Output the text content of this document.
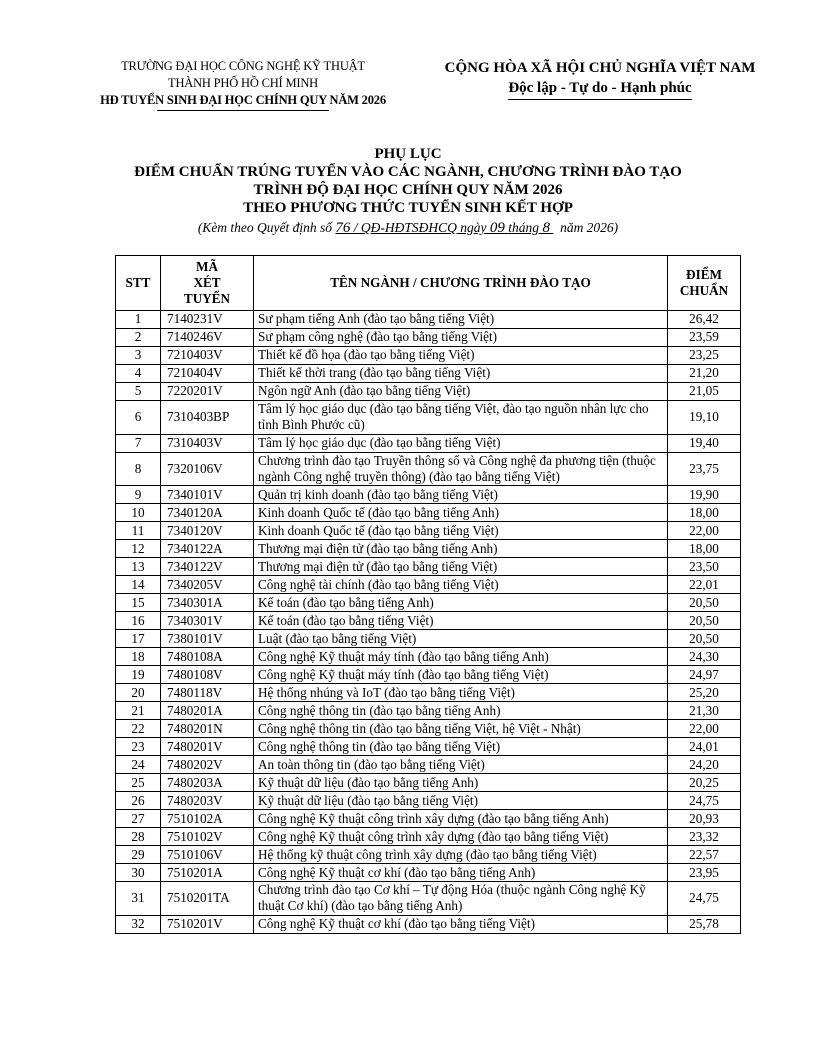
TRƯỜNG ĐẠI HỌC CÔNG NGHỆ KỸ THUẬT
THÀNH PHỐ HỒ CHÍ MINH
HĐ TUYỂN SINH ĐẠI HỌC CHÍNH QUY NĂM 2026
CỘNG HÒA XÃ HỘI CHỦ NGHĨA VIỆT NAM
Độc lập - Tự do - Hạnh phúc
PHỤ LỤC
ĐIỂM CHUẨN TRÚNG TUYỂN VÀO CÁC NGÀNH, CHƯƠNG TRÌNH ĐÀO TẠO
TRÌNH ĐỘ ĐẠI HỌC CHÍNH QUY NĂM 2026
THEO PHƯƠNG THỨC TUYỂN SINH KẾT HỢP
(Kèm theo Quyết định số 76 / QĐ-HĐTSĐHCQ ngày 09 tháng 8 năm 2026)
STT	MÃ XÉT TUYỂN	TÊN NGÀNH / CHƯƠNG TRÌNH ĐÀO TẠO	ĐIỂM CHUẨN
1	7140231V	Sư phạm tiếng Anh (đào tạo bằng tiếng Việt)	26,42
2	7140246V	Sư phạm công nghệ (đào tạo bằng tiếng Việt)	23,59
3	7210403V	Thiết kế đồ họa (đào tạo bằng tiếng Việt)	23,25
4	7210404V	Thiết kế thời trang (đào tạo bằng tiếng Việt)	21,20
5	7220201V	Ngôn ngữ Anh (đào tạo bằng tiếng Việt)	21,05
6	7310403BP	Tâm lý học giáo dục (đào tạo bằng tiếng Việt, đào tạo nguồn nhân lực cho tỉnh Bình Phước cũ)	19,10
7	7310403V	Tâm lý học giáo dục (đào tạo bằng tiếng Việt)	19,40
8	7320106V	Chương trình đào tạo Truyền thông số và Công nghệ đa phương tiện (thuộc ngành Công nghệ truyền thông) (đào tạo bằng tiếng Việt)	23,75
9	7340101V	Quản trị kinh doanh (đào tạo bằng tiếng Việt)	19,90
10	7340120A	Kinh doanh Quốc tế (đào tạo bằng tiếng Anh)	18,00
11	7340120V	Kinh doanh Quốc tế (đào tạo bằng tiếng Việt)	22,00
12	7340122A	Thương mại điện tử (đào tạo bằng tiếng Anh)	18,00
13	7340122V	Thương mại điện tử (đào tạo bằng tiếng Việt)	23,50
14	7340205V	Công nghệ tài chính (đào tạo bằng tiếng Việt)	22,01
15	7340301A	Kế toán (đào tạo bằng tiếng Anh)	20,50
16	7340301V	Kế toán (đào tạo bằng tiếng Việt)	20,50
17	7380101V	Luật (đào tạo bằng tiếng Việt)	20,50
18	7480108A	Công nghệ Kỹ thuật máy tính (đào tạo bằng tiếng Anh)	24,30
19	7480108V	Công nghệ Kỹ thuật máy tính (đào tạo bằng tiếng Việt)	24,97
20	7480118V	Hệ thống nhúng và IoT (đào tạo bằng tiếng Việt)	25,20
21	7480201A	Công nghệ thông tin (đào tạo bằng tiếng Anh)	21,30
22	7480201N	Công nghệ thông tin (đào tạo bằng tiếng Việt, hệ Việt - Nhật)	22,00
23	7480201V	Công nghệ thông tin (đào tạo bằng tiếng Việt)	24,01
24	7480202V	An toàn thông tin (đào tạo bằng tiếng Việt)	24,20
25	7480203A	Kỹ thuật dữ liệu (đào tạo bằng tiếng Anh)	20,25
26	7480203V	Kỹ thuật dữ liệu (đào tạo bằng tiếng Việt)	24,75
27	7510102A	Công nghệ Kỹ thuật công trình xây dựng (đào tạo bằng tiếng Anh)	20,93
28	7510102V	Công nghệ Kỹ thuật công trình xây dựng (đào tạo bằng tiếng Việt)	23,32
29	7510106V	Hệ thống kỹ thuật công trình xây dựng (đào tạo bằng tiếng Việt)	22,57
30	7510201A	Công nghệ Kỹ thuật cơ khí (đào tạo bằng tiếng Anh)	23,95
31	7510201TA	Chương trình đào tạo Cơ khí – Tự động Hóa (thuộc ngành Công nghệ Kỹ thuật Cơ khí) (đào tạo bằng tiếng Anh)	24,75
32	7510201V	Công nghệ Kỹ thuật cơ khí (đào tạo bằng tiếng Việt)	25,78
